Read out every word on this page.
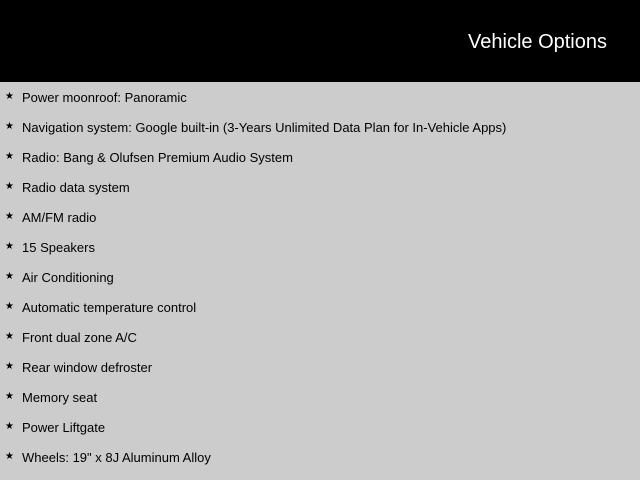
Vehicle Options
★ Power moonroof: Panoramic
★ Navigation system: Google built-in (3-Years Unlimited Data Plan for In-Vehicle Apps)
★ Radio: Bang & Olufsen Premium Audio System
★ Radio data system
★ AM/FM radio
★ 15 Speakers
★ Air Conditioning
★ Automatic temperature control
★ Front dual zone A/C
★ Rear window defroster
★ Memory seat
★ Power Liftgate
★ Wheels: 19" x 8J Aluminum Alloy
